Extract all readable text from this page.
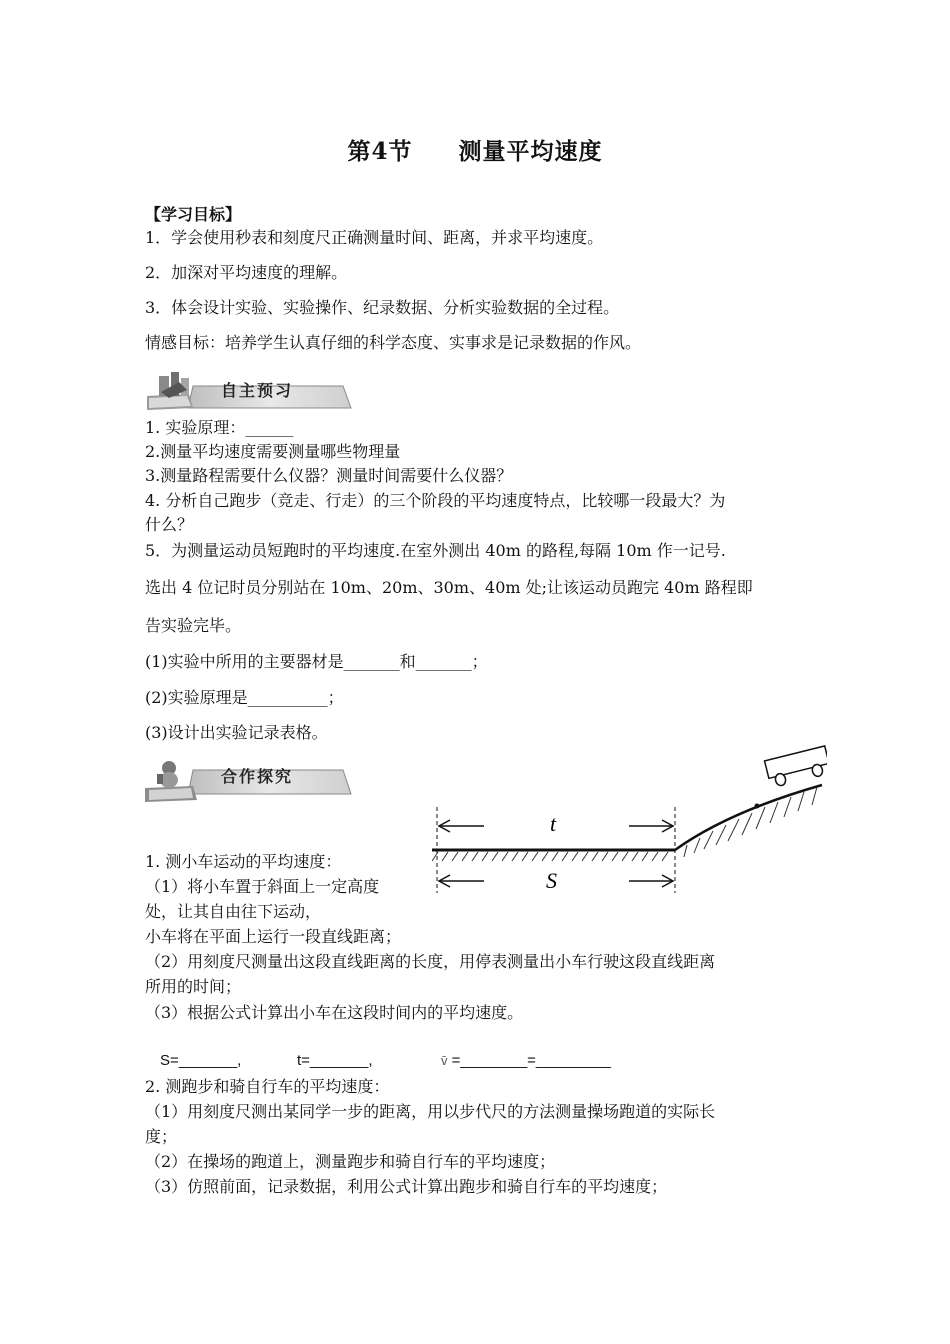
第4节 测量平均速度
【学习目标】
1．学会使用秒表和刻度尺正确测量时间、距离，并求平均速度。
2．加深对平均速度的理解。
3．体会设计实验、实验操作、纪录数据、分析实验数据的全过程。
情感目标：培养学生认真仔细的科学态度、实事求是记录数据的作风。
自主预习
1. 实验原理：______
2.测量平均速度需要测量哪些物理量
3.测量路程需要什么仪器？测量时间需要什么仪器？
4. 分析自己跑步（竞走、行走）的三个阶段的平均速度特点，比较哪一段最大？为
什么？
5．为测量运动员短跑时的平均速度.在室外测出 40m 的路程,每隔 10m 作一记号.
选出 4 位记时员分别站在 10m、20m、30m、40m 处;让该运动员跑完 40m 路程即
告实验完毕。
(1)实验中所用的主要器材是_______和_______；
(2)实验原理是__________；
(3)设计出实验记录表格。
合作探究
t
S
1. 测小车运动的平均速度：
（1）将小车置于斜面上一定高度
处，让其自由往下运动，
小车将在平面上运行一段直线距离；
（2）用刻度尺测量出这段直线距离的长度，用停表测量出小车行驶这段直线距离
所用的时间；
（3）根据公式计算出小车在这段时间内的平均速度。
S=_______,	t=_______,	v̄ =________=_________
2. 测跑步和骑自行车的平均速度：
（1）用刻度尺测出某同学一步的距离，用以步代尺的方法测量操场跑道的实际长
度；
（2）在操场的跑道上，测量跑步和骑自行车的平均速度；
（3）仿照前面，记录数据，利用公式计算出跑步和骑自行车的平均速度；
